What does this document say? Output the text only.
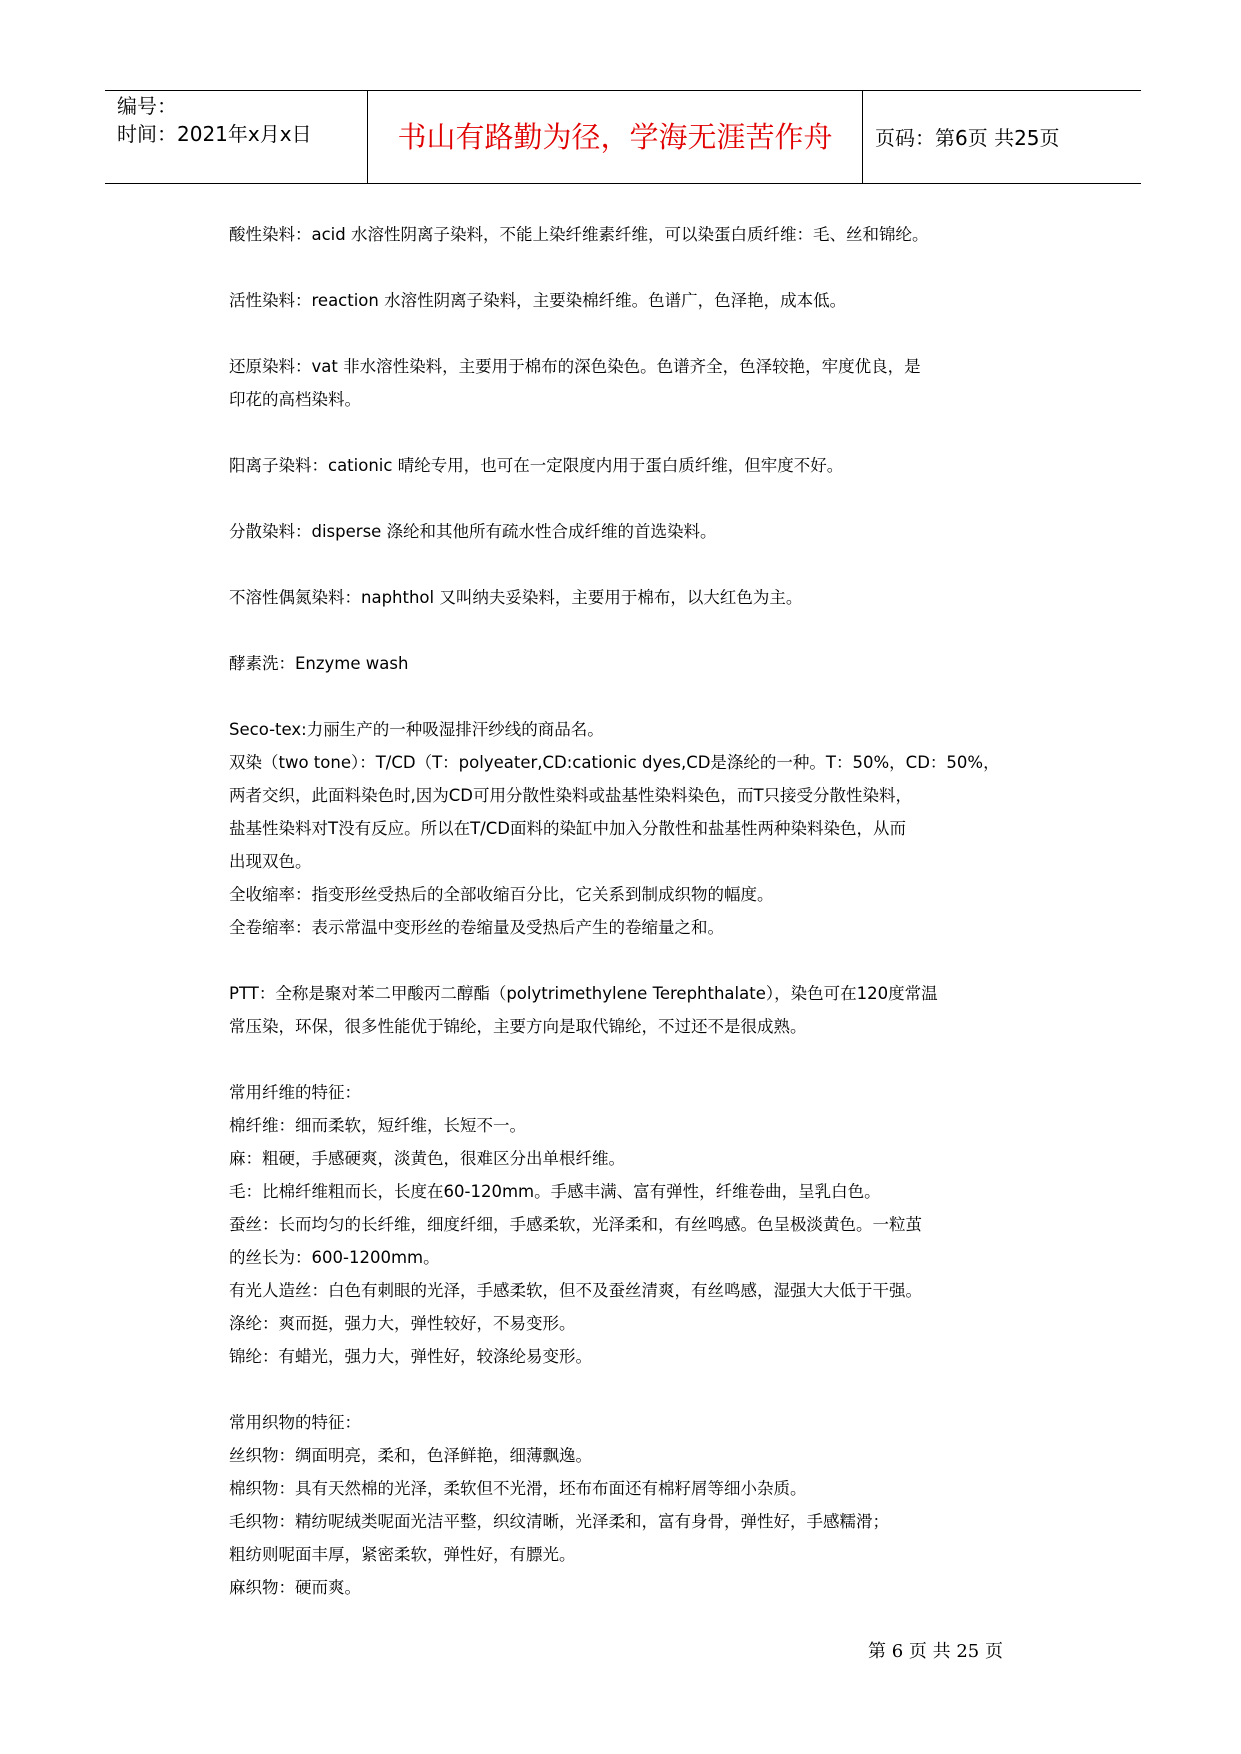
编号：
时间：2021年x月x日	书山有路勤为径，学海无涯苦作舟	页码：第6页 共25页

酸性染料：acid 水溶性阴离子染料，不能上染纤维素纤维，可以染蛋白质纤维：毛、丝和锦纶。

活性染料：reaction 水溶性阴离子染料，主要染棉纤维。色谱广，色泽艳，成本低。

还原染料：vat 非水溶性染料，主要用于棉布的深色染色。色谱齐全，色泽较艳，牢度优良，是

印花的高档染料。

阳离子染料：cationic 晴纶专用，也可在一定限度内用于蛋白质纤维，但牢度不好。

分散染料：disperse 涤纶和其他所有疏水性合成纤维的首选染料。

不溶性偶氮染料：naphthol 又叫纳夫妥染料，主要用于棉布，以大红色为主。

酵素洗：Enzyme wash

Seco-tex:力丽生产的一种吸湿排汗纱线的商品名。

双染（two tone）：T/CD（T：polyeater,CD:cationic dyes,CD是涤纶的一种。T：50%，CD：50%，

两者交织，此面料染色时,因为CD可用分散性染料或盐基性染料染色，而T只接受分散性染料，

盐基性染料对T没有反应。所以在T/CD面料的染缸中加入分散性和盐基性两种染料染色，从而

出现双色。

全收缩率：指变形丝受热后的全部收缩百分比，它关系到制成织物的幅度。

全卷缩率：表示常温中变形丝的卷缩量及受热后产生的卷缩量之和。

PTT：全称是聚对苯二甲酸丙二醇酯（polytrimethylene Terephthalate），染色可在120度常温

常压染，环保，很多性能优于锦纶，主要方向是取代锦纶，不过还不是很成熟。

常用纤维的特征：

棉纤维：细而柔软，短纤维，长短不一。

麻：粗硬，手感硬爽，淡黄色，很难区分出单根纤维。

毛：比棉纤维粗而长，长度在60-120mm。手感丰满、富有弹性，纤维卷曲，呈乳白色。

蚕丝：长而均匀的长纤维，细度纤细，手感柔软，光泽柔和，有丝鸣感。色呈极淡黄色。一粒茧

的丝长为：600-1200mm。

有光人造丝：白色有刺眼的光泽，手感柔软，但不及蚕丝清爽，有丝鸣感，湿强大大低于干强。

涤纶：爽而挺，强力大，弹性较好，不易变形。

锦纶：有蜡光，强力大，弹性好，较涤纶易变形。

常用织物的特征：

丝织物：绸面明亮，柔和，色泽鲜艳，细薄飘逸。

棉织物：具有天然棉的光泽，柔软但不光滑，坯布布面还有棉籽屑等细小杂质。

毛织物：精纺呢绒类呢面光洁平整，织纹清晰，光泽柔和，富有身骨，弹性好，手感糯滑；

粗纺则呢面丰厚，紧密柔软，弹性好，有膘光。

麻织物：硬而爽。

第 6 页 共 25 页
